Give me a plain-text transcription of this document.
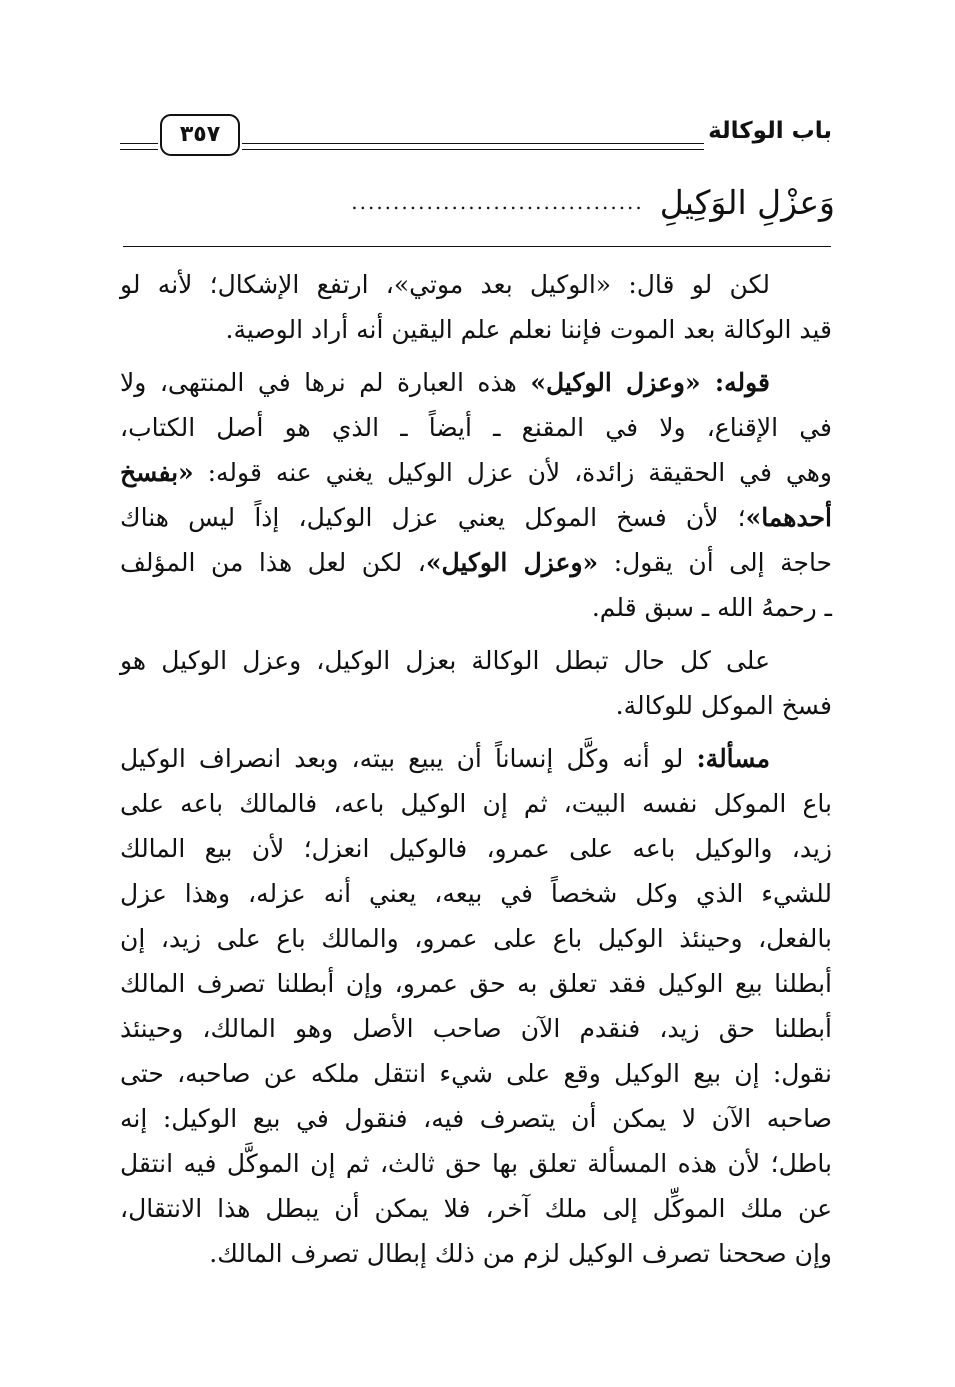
باب الوكالة
٣٥٧
وَعزْلِ الوَكِيلِ
...................................
لكن لو قال: «الوكيل بعد موتي»، ارتفع الإشكال؛ لأنه لو
قيد الوكالة بعد الموت فإننا نعلم علم اليقين أنه أراد الوصية.
قوله: «وعزل الوكيل» هذه العبارة لم نرها في المنتهى، ولا
في الإقناع، ولا في المقنع ـ أيضاً ـ الذي هو أصل الكتاب،
وهي في الحقيقة زائدة، لأن عزل الوكيل يغني عنه قوله: «بفسخ
أحدهما»؛ لأن فسخ الموكل يعني عزل الوكيل، إذاً ليس هناك
حاجة إلى أن يقول: «وعزل الوكيل»، لكن لعل هذا من المؤلف
ـ رحمهُ الله ـ سبق قلم.
على كل حال تبطل الوكالة بعزل الوكيل، وعزل الوكيل هو
فسخ الموكل للوكالة.
مسألة: لو أنه وكَّل إنساناً أن يبيع بيته، وبعد انصراف الوكيل
باع الموكل نفسه البيت، ثم إن الوكيل باعه، فالمالك باعه على
زيد، والوكيل باعه على عمرو، فالوكيل انعزل؛ لأن بيع المالك
للشيء الذي وكل شخصاً في بيعه، يعني أنه عزله، وهذا عزل
بالفعل، وحينئذ الوكيل باع على عمرو، والمالك باع على زيد، إن
أبطلنا بيع الوكيل فقد تعلق به حق عمرو، وإن أبطلنا تصرف المالك
أبطلنا حق زيد، فنقدم الآن صاحب الأصل وهو المالك، وحينئذ
نقول: إن بيع الوكيل وقع على شيء انتقل ملكه عن صاحبه، حتى
صاحبه الآن لا يمكن أن يتصرف فيه، فنقول في بيع الوكيل: إنه
باطل؛ لأن هذه المسألة تعلق بها حق ثالث، ثم إن الموكَّل فيه انتقل
عن ملك الموكِّل إلى ملك آخر، فلا يمكن أن يبطل هذا الانتقال،
وإن صححنا تصرف الوكيل لزم من ذلك إبطال تصرف المالك.
